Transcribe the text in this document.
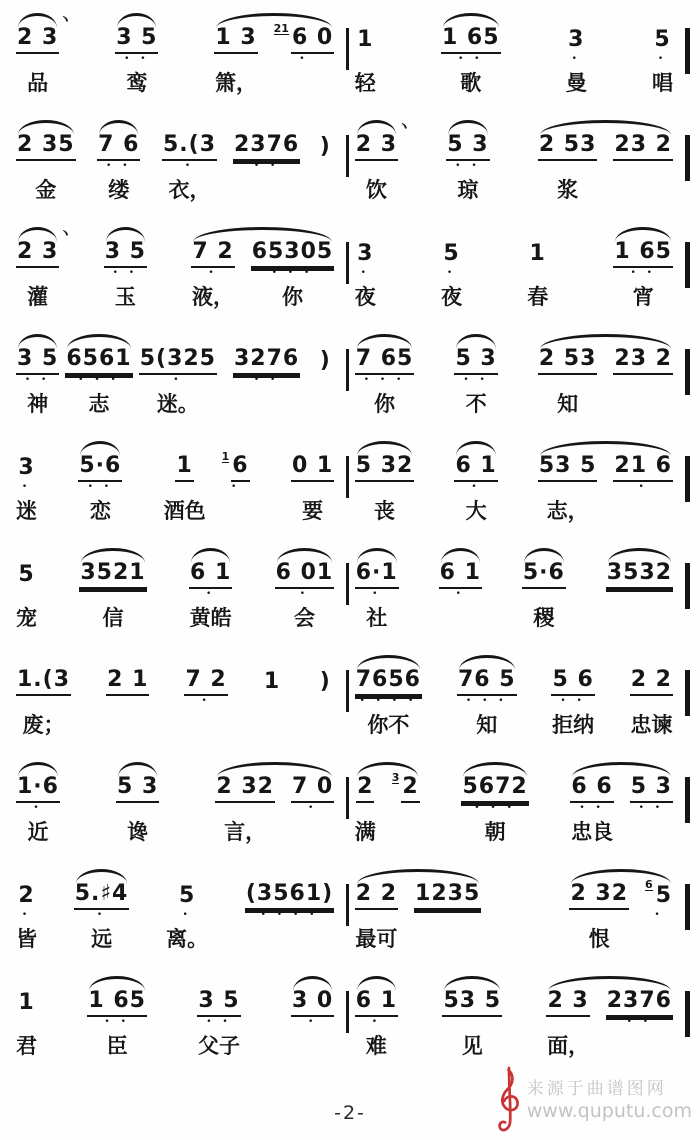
ヽ
2 3
品
3 5
• •
鸾
1 3
箫，
21 6 0
•
1
轻
1 65
• •
歌
3
•
曼
5
•
唱
2 35
金
7 6
• •
缕
5.(3
•
衣，
2376
• •
)
ヽ
2 3
饮
5 3
• •
琼
2 53
浆
23 2
ヽ
2 3
灌
3 5
• •
玉
7 2
•
液，
65305
• • •
你
3
•
夜
5
•
夜
1
春
1 65
• •
宵
3 5
• •
神
6561
• • •
志
5(325
•
迷。
3276
• •
) 7 65
• • •
你
5 3
• •
不
2 53
知
23 2
3
•
迷
5·6
• •
恋
1
酒色
1 6
•
0 1
要
5 32
丧
6 1
•
大
53 5
志，
21 6
•
5
宠
3521
信
6 1
•
黄皓
6 01
•
会
6·1
•
社
6 1
•
5·6
稷
3532
1.(3
废；
2 1 7 2
•
1 ) 7656
• • • •
你不
76 5
• • •
知
5 6
• •
拒纳
2 2
忠谏
1·6
•
近
5 3
谗
2 32
言，
7 0
•
2
满
3 2 5672
• • •
朝
6 6
• •
忠良
5 3
• •
2
•
皆
5.♯4
•
远
5
•
离。
(3561)
• • • •
2 2
最可
1235	2 32
恨
6 5
•
1
君
1 65
• •
臣
3 5
• •
父子
3 0
•
6 1
•
难
53 5
见
2 3
面，
2376
• •
-2-
来源于曲谱图网
www.quputu.com
